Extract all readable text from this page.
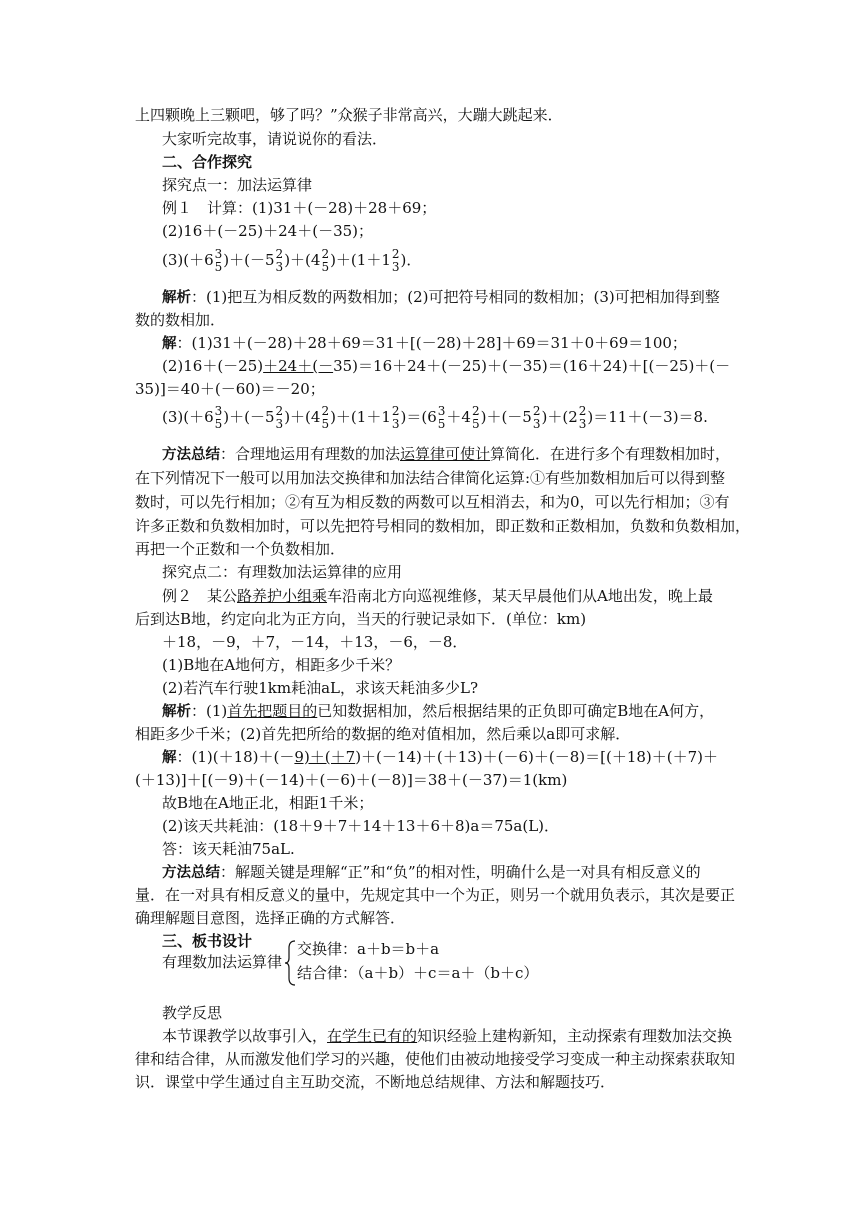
上四颗晚上三颗吧，够了吗？”众猴子非常高兴，大蹦大跳起来．
大家听完故事，请说说你的看法．
二、合作探究
探究点一：加法运算律
例１　计算：(1)31＋(－28)＋28＋69；
(2)16＋(－25)＋24＋(－35)；
(3)(＋6 3
5 )＋(－5 2
3 )＋(4 2
5 )＋(1＋1 2
3 )．
解析：(1)把互为相反数的两数相加；(2)可把符号相同的数相加；(3)可把相加得到整
数的数相加．
解：(1)31＋(－28)＋28＋69＝31＋[(－28)＋28]＋69＝31＋0＋69＝100；
(2)16＋(－25)＋24＋(－35)＝16＋24＋(－25)＋(－35)＝(16＋24)＋[(－25)＋(－
35)]＝40＋(－60)＝－20；
(3)(＋6 3
5 )＋(－5 2
3 )＋(4 2
5 )＋(1＋1 2
3 )＝(6 3
5 ＋4 2
5 )＋(－5 2
3 )＋(2 2
3 )＝11＋(－3)＝8.
方法总结：合理地运用有理数的加法运算律可使计算简化．在进行多个有理数相加时，
在下列情况下一般可以用加法交换律和加法结合律简化运算:①有些加数相加后可以得到整
数时，可以先行相加；②有互为相反数的两数可以互相消去，和为0，可以先行相加；③有
许多正数和负数相加时，可以先把符号相同的数相加，即正数和正数相加，负数和负数相加，
再把一个正数和一个负数相加．
探究点二：有理数加法运算律的应用
例２　某公路养护小组乘车沿南北方向巡视维修，某天早晨他们从A地出发，晚上最
后到达B地，约定向北为正方向，当天的行驶记录如下．(单位：km)
＋18，－9，＋7，－14，＋13，－6，－8．
(1)B地在A地何方，相距多少千米？
(2)若汽车行驶1km耗油aL，求该天耗油多少L?
解析：(1)首先把题目的已知数据相加，然后根据结果的正负即可确定B地在A何方，
相距多少千米；(2)首先把所给的数据的绝对值相加，然后乘以a即可求解．
解：(1)(＋18)＋(－9)＋(＋7)＋(－14)＋(＋13)＋(－6)＋(－8)＝[(＋18)＋(＋7)＋
(＋13)]＋[(－9)＋(－14)＋(－6)＋(－8)]＝38＋(－37)＝1(km)
故B地在A地正北，相距1千米；
(2)该天共耗油：(18＋9＋7＋14＋13＋6＋8)a＝75a(L)．
答：该天耗油75aL.
方法总结：解题关键是理解“正”和“负”的相对性，明确什么是一对具有相反意义的
量．在一对具有相反意义的量中，先规定其中一个为正，则另一个就用负表示，其次是要正
确理解题目意图，选择正确的方式解答．
三、板书设计
有理数加法运算律
交换律：a＋b＝b＋a
结合律：（a＋b）＋c＝a＋（b＋c）
教学反思
本节课教学以故事引入，在学生已有的知识经验上建构新知，主动探索有理数加法交换
律和结合律，从而激发他们学习的兴趣，使他们由被动地接受学习变成一种主动探索获取知
识．课堂中学生通过自主互助交流，不断地总结规律、方法和解题技巧．
